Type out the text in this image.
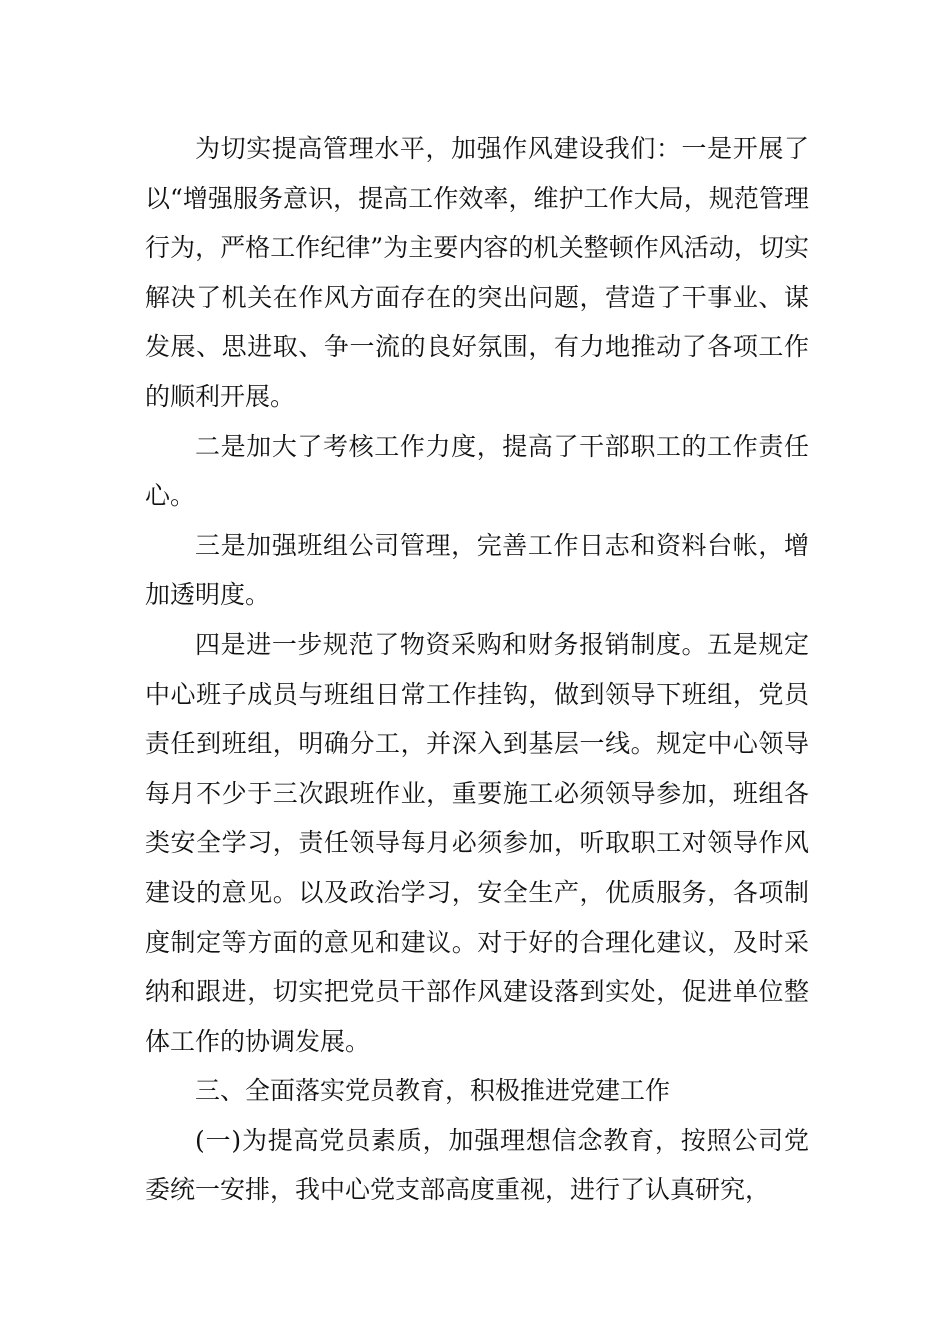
为切实提高管理水平，加强作风建设我们：一是开展了以“增强服务意识，提高工作效率，维护工作大局，规范管理行为，严格工作纪律”为主要内容的机关整顿作风活动，切实解决了机关在作风方面存在的突出问题，营造了干事业、谋发展、思进取、争一流的良好氛围，有力地推动了各项工作的顺利开展。

二是加大了考核工作力度，提高了干部职工的工作责任心。

三是加强班组公司管理，完善工作日志和资料台帐，增加透明度。

四是进一步规范了物资采购和财务报销制度。五是规定中心班子成员与班组日常工作挂钩，做到领导下班组，党员责任到班组，明确分工，并深入到基层一线。规定中心领导每月不少于三次跟班作业，重要施工必须领导参加，班组各类安全学习，责任领导每月必须参加，听取职工对领导作风建设的意见。以及政治学习，安全生产，优质服务，各项制度制定等方面的意见和建议。对于好的合理化建议，及时采纳和跟进，切实把党员干部作风建设落到实处，促进单位整体工作的协调发展。

三、全面落实党员教育，积极推进党建工作

(一)为提高党员素质，加强理想信念教育，按照公司党委统一安排，我中心党支部高度重视，进行了认真研究，
